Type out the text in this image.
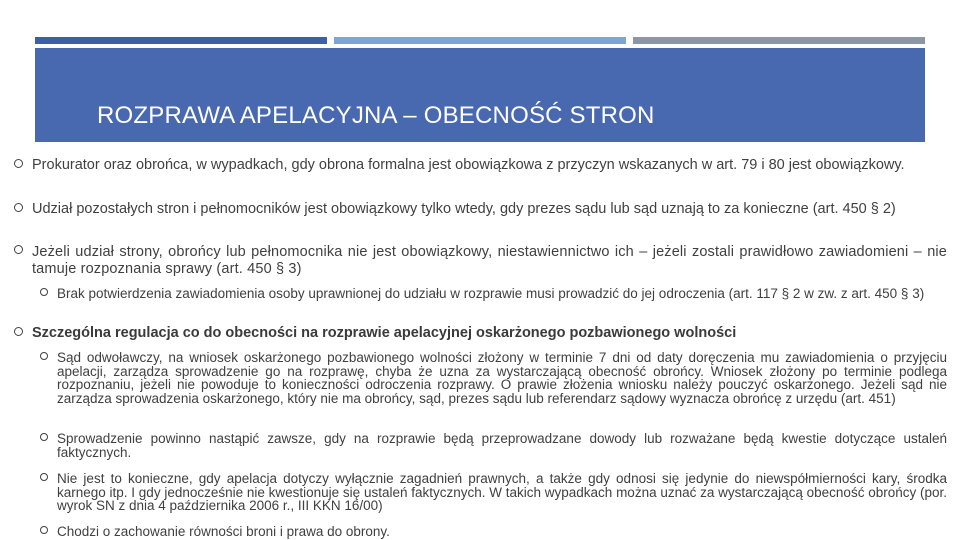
ROZPRAWA APELACYJNA – OBECNOŚĆ STRON
Prokurator oraz obrońca, w wypadkach, gdy obrona formalna jest obowiązkowa z przyczyn wskazanych w art. 79 i 80 jest obowiązkowy.
Udział pozostałych stron i pełnomocników jest obowiązkowy tylko wtedy, gdy prezes sądu lub sąd uznają to za konieczne (art. 450 § 2)
Jeżeli udział strony, obrońcy lub pełnomocnika nie jest obowiązkowy, niestawiennictwo ich – jeżeli zostali prawidłowo zawiadomieni – nie tamuje rozpoznania sprawy (art. 450 § 3)
Brak potwierdzenia zawiadomienia osoby uprawnionej do udziału w rozprawie musi prowadzić do jej odroczenia (art. 117 § 2 w zw. z art. 450 § 3)
Szczególna regulacja co do obecności na rozprawie apelacyjnej oskarżonego pozbawionego wolności
Sąd odwoławczy, na wniosek oskarżonego pozbawionego wolności złożony w terminie 7 dni od daty doręczenia mu zawiadomienia o przyjęciu apelacji, zarządza sprowadzenie go na rozprawę, chyba że uzna za wystarczającą obecność obrońcy. Wniosek złożony po terminie podlega rozpoznaniu, jeżeli nie powoduje to konieczności odroczenia rozprawy. O prawie złożenia wniosku należy pouczyć oskarżonego. Jeżeli sąd nie zarządza sprowadzenia oskarżonego, który nie ma obrońcy, sąd, prezes sądu lub referendarz sądowy wyznacza obrońcę z urzędu (art. 451)
Sprowadzenie powinno nastąpić zawsze, gdy na rozprawie będą przeprowadzane dowody lub rozważane będą kwestie dotyczące ustaleń faktycznych.
Nie jest to konieczne, gdy apelacja dotyczy wyłącznie zagadnień prawnych, a także gdy odnosi się jedynie do niewspółmierności kary, środka karnego itp. I gdy jednocześnie nie kwestionuje się ustaleń faktycznych. W takich wypadkach można uznać za wystarczającą obecność obrońcy (por. wyrok SN z dnia 4 października 2006 r., III KKN 16/00)
Chodzi o zachowanie równości broni i prawa do obrony.
